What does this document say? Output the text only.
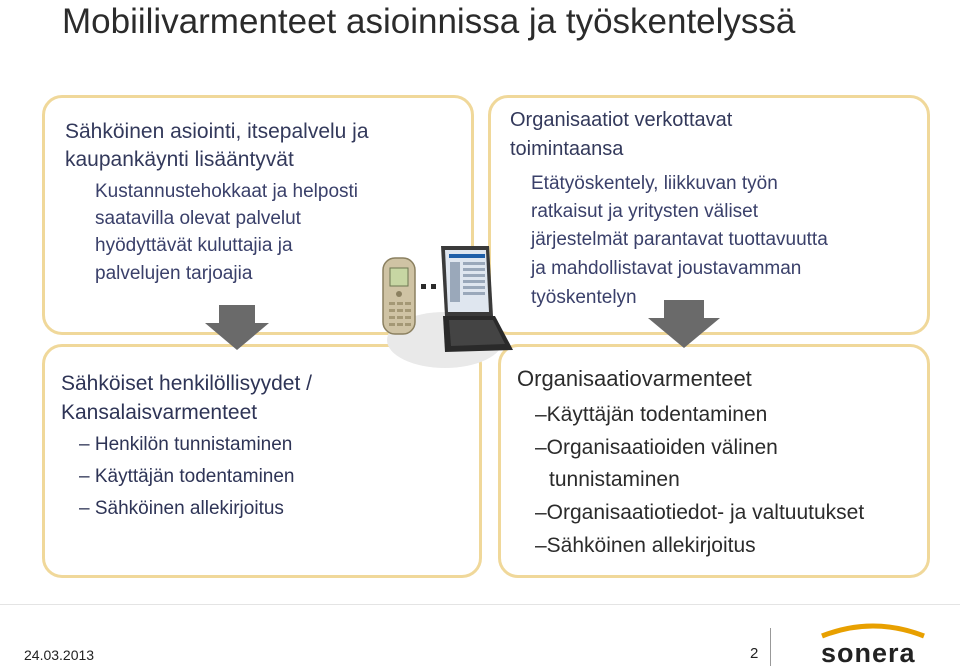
Mobiilivarmenteet asioinnissa ja työskentelyssä
Sähköinen asiointi, itsepalvelu ja
kaupankäynti lisääntyvät
Kustannustehokkaat ja helposti
saatavilla olevat palvelut
hyödyttävät kuluttajia ja
palvelujen tarjoajia
Organisaatiot verkottavat
toimintaansa
Etätyöskentely, liikkuvan työn
ratkaisut ja yritysten väliset
järjestelmät parantavat tuottavuutta
ja mahdollistavat joustavamman
työskentelyn
Sähköiset henkilöllisyydet /
Kansalaisvarmenteet
– Henkilön tunnistaminen
– Käyttäjän todentaminen
– Sähköinen allekirjoitus
Organisaatiovarmenteet
–Käyttäjän todentaminen
–Organisaatioiden välinen
tunnistaminen
–Organisaatiotiedot- ja valtuutukset
–Sähköinen allekirjoitus
24.03.2013	2 sonera
